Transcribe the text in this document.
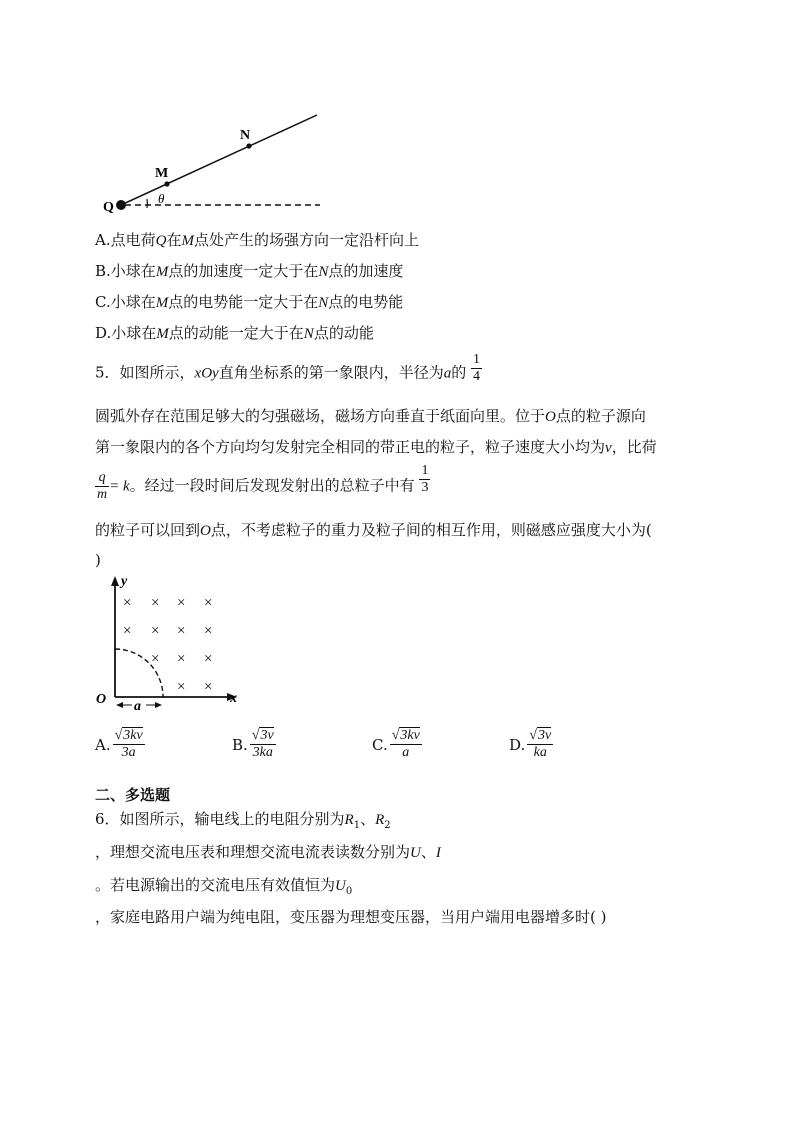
Q
M
N
θ
A.点电荷Q在M点处产生的场强方向一定沿杆向上
B.小球在M点的加速度一定大于在N点的加速度
C.小球在M点的电势能一定大于在N点的电势能
D.小球在M点的动能一定大于在N点的动能
5．如图所示，xOy直角坐标系的第一象限内，半径为a的 $\frac{1}{4}$
圆弧外存在范围足够大的匀强磁场，磁场方向垂直于纸面向里。位于O点的粒子源向
第一象限内的各个方向均匀发射完全相同的带正电的粒子，粒子速度大小均为v，比荷
$\frac{q}{m} = k$。经过一段时间后发现发射出的总粒子中有 $\frac{1}{3}$
的粒子可以回到O点，不考虑粒子的重力及粒子间的相互作用，则磁感应强度大小为(
)
× × × ×
× × × ×
× × ×
× ×
a
O	x
y
A. $\frac{√3kv}{3a}$	B. $\frac{√3v}{3ka}$	C. $\frac{√3kv}{a}$	D. $\frac{√3v}{ka}$
二、多选题
6．如图所示，输电线上的电阻分别为$R_1$、$R_2$
，理想交流电压表和理想交流电流表读数分别为U、I
。若电源输出的交流电压有效值恒为$U_0$
，家庭电路用户端为纯电阻，变压器为理想变压器，当用户端用电器增多时( )
